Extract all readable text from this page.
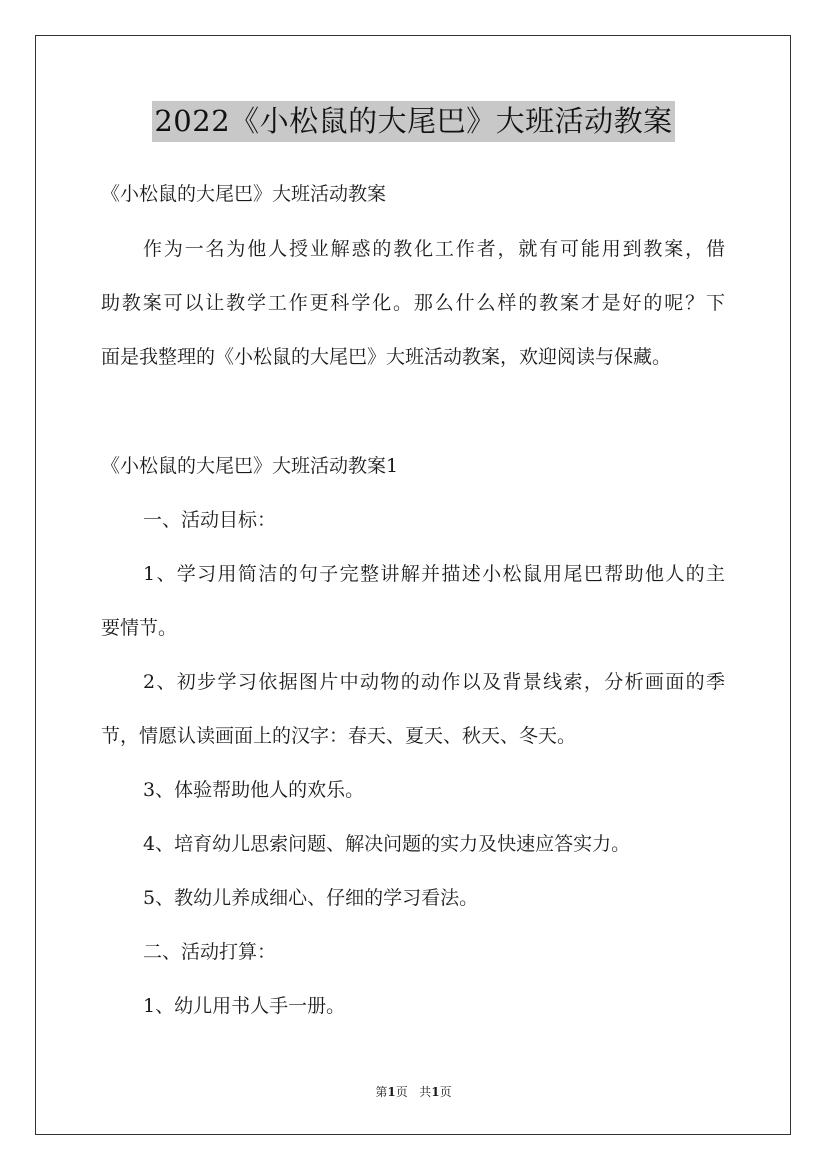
2022《小松鼠的大尾巴》大班活动教案
《小松鼠的大尾巴》大班活动教案
作为一名为他人授业解惑的教化工作者，就有可能用到教案，借
助教案可以让教学工作更科学化。那么什么样的教案才是好的呢？下
面是我整理的《小松鼠的大尾巴》大班活动教案，欢迎阅读与保藏。
《小松鼠的大尾巴》大班活动教案1
一、活动目标：
1、学习用简洁的句子完整讲解并描述小松鼠用尾巴帮助他人的主
要情节。
2、初步学习依据图片中动物的动作以及背景线索，分析画面的季
节，情愿认读画面上的汉字：春天、夏天、秋天、冬天。
3、体验帮助他人的欢乐。
4、培育幼儿思索问题、解决问题的实力及快速应答实力。
5、教幼儿养成细心、仔细的学习看法。
二、活动打算：
1、幼儿用书人手一册。
第1页 共1页
